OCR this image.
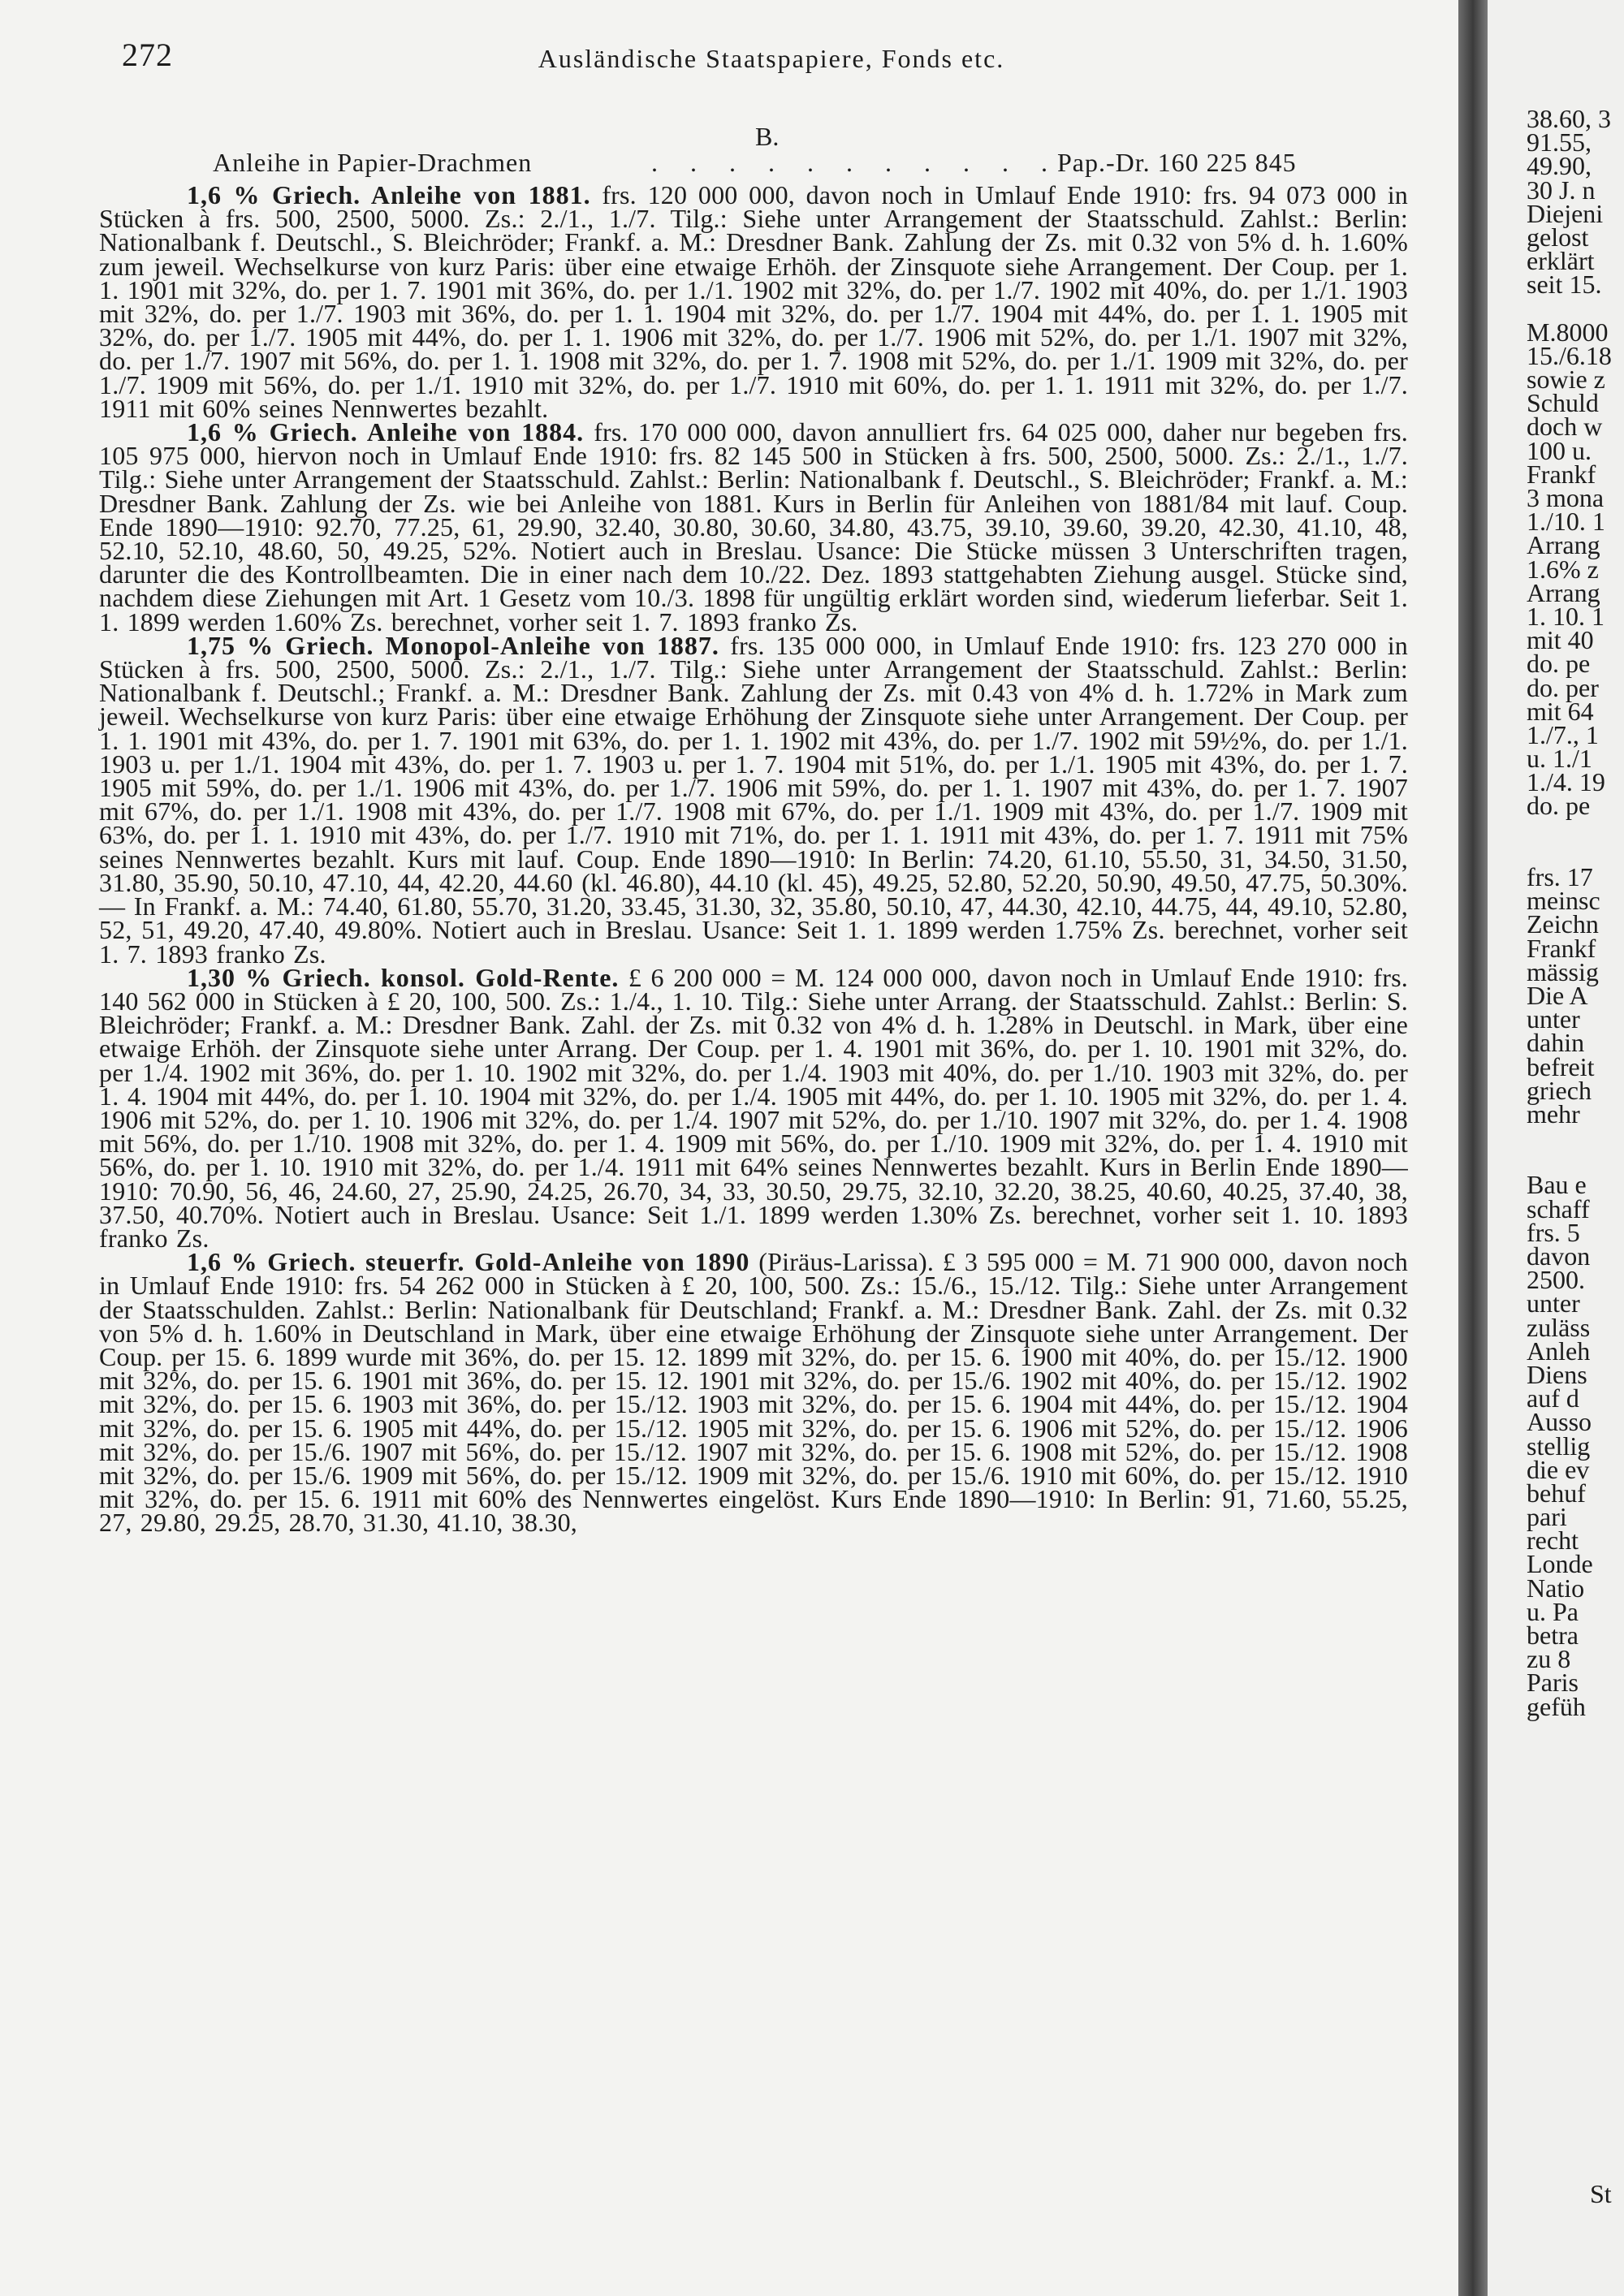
272	Ausländische Staatspapiere, Fonds etc.
B.
Anleihe in Papier-Drachmen	. . . . . . . . . . .
Pap.-Dr. 160 225 845

1,6 % Griech. Anleihe von 1881. frs. 120 000 000, davon noch in Umlauf Ende 1910: frs. 94 073 000 in Stücken à frs. 500, 2500, 5000. Zs.: 2./1., 1./7. Tilg.: Siehe unter Arrangement der Staatsschuld. Zahlst.: Berlin: Nationalbank f. Deutschl., S. Bleichröder; Frankf. a. M.: Dresdner Bank. Zahlung der Zs. mit 0.32 von 5% d. h. 1.60% zum jeweil. Wechselkurse von kurz Paris: über eine etwaige Erhöh. der Zinsquote siehe Arrangement. Der Coup. per 1. 1. 1901 mit 32%, do. per 1. 7. 1901 mit 36%, do. per 1./1. 1902 mit 32%, do. per 1./7. 1902 mit 40%, do. per 1./1. 1903 mit 32%, do. per 1./7. 1903 mit 36%, do. per 1. 1. 1904 mit 32%, do. per 1./7. 1904 mit 44%, do. per 1. 1. 1905 mit 32%, do. per 1./7. 1905 mit 44%, do. per 1. 1. 1906 mit 32%, do. per 1./7. 1906 mit 52%, do. per 1./1. 1907 mit 32%, do. per 1./7. 1907 mit 56%, do. per 1. 1. 1908 mit 32%, do. per 1. 7. 1908 mit 52%, do. per 1./1. 1909 mit 32%, do. per 1./7. 1909 mit 56%, do. per 1./1. 1910 mit 32%, do. per 1./7. 1910 mit 60%, do. per 1. 1. 1911 mit 32%, do. per 1./7. 1911 mit 60% seines Nennwertes bezahlt.

1,6 % Griech. Anleihe von 1884. frs. 170 000 000, davon annulliert frs. 64 025 000, daher nur begeben frs. 105 975 000, hiervon noch in Umlauf Ende 1910: frs. 82 145 500 in Stücken à frs. 500, 2500, 5000. Zs.: 2./1., 1./7. Tilg.: Siehe unter Arrangement der Staatsschuld. Zahlst.: Berlin: Nationalbank f. Deutschl., S. Bleichröder; Frankf. a. M.: Dresdner Bank. Zahlung der Zs. wie bei Anleihe von 1881. Kurs in Berlin für Anleihen von 1881/84 mit lauf. Coup. Ende 1890—1910: 92.70, 77.25, 61, 29.90, 32.40, 30.80, 30.60, 34.80, 43.75, 39.10, 39.60, 39.20, 42.30, 41.10, 48, 52.10, 52.10, 48.60, 50, 49.25, 52%. Notiert auch in Breslau. Usance: Die Stücke müssen 3 Unterschriften tragen, darunter die des Kontrollbeamten. Die in einer nach dem 10./22. Dez. 1893 stattgehabten Ziehung ausgel. Stücke sind, nachdem diese Ziehungen mit Art. 1 Gesetz vom 10./3. 1898 für ungültig erklärt worden sind, wiederum lieferbar. Seit 1. 1. 1899 werden 1.60% Zs. berechnet, vorher seit 1. 7. 1893 franko Zs.

1,75 % Griech. Monopol-Anleihe von 1887. frs. 135 000 000, in Umlauf Ende 1910: frs. 123 270 000 in Stücken à frs. 500, 2500, 5000. Zs.: 2./1., 1./7. Tilg.: Siehe unter Arrangement der Staatsschuld. Zahlst.: Berlin: Nationalbank f. Deutschl.; Frankf. a. M.: Dresdner Bank. Zahlung der Zs. mit 0.43 von 4% d. h. 1.72% in Mark zum jeweil. Wechselkurse von kurz Paris: über eine etwaige Erhöhung der Zinsquote siehe unter Arrangement. Der Coup. per 1. 1. 1901 mit 43%, do. per 1. 7. 1901 mit 63%, do. per 1. 1. 1902 mit 43%, do. per 1./7. 1902 mit 59½%, do. per 1./1. 1903 u. per 1./1. 1904 mit 43%, do. per 1. 7. 1903 u. per 1. 7. 1904 mit 51%, do. per 1./1. 1905 mit 43%, do. per 1. 7. 1905 mit 59%, do. per 1./1. 1906 mit 43%, do. per 1./7. 1906 mit 59%, do. per 1. 1. 1907 mit 43%, do. per 1. 7. 1907 mit 67%, do. per 1./1. 1908 mit 43%, do. per 1./7. 1908 mit 67%, do. per 1./1. 1909 mit 43%, do. per 1./7. 1909 mit 63%, do. per 1. 1. 1910 mit 43%, do. per 1./7. 1910 mit 71%, do. per 1. 1. 1911 mit 43%, do. per 1. 7. 1911 mit 75% seines Nennwertes bezahlt. Kurs mit lauf. Coup. Ende 1890—1910: In Berlin: 74.20, 61.10, 55.50, 31, 34.50, 31.50, 31.80, 35.90, 50.10, 47.10, 44, 42.20, 44.60 (kl. 46.80), 44.10 (kl. 45), 49.25, 52.80, 52.20, 50.90, 49.50, 47.75, 50.30%. — In Frankf. a. M.: 74.40, 61.80, 55.70, 31.20, 33.45, 31.30, 32, 35.80, 50.10, 47, 44.30, 42.10, 44.75, 44, 49.10, 52.80, 52, 51, 49.20, 47.40, 49.80%. Notiert auch in Breslau. Usance: Seit 1. 1. 1899 werden 1.75% Zs. berechnet, vorher seit 1. 7. 1893 franko Zs.

1,30 % Griech. konsol. Gold-Rente. £ 6 200 000 = M. 124 000 000, davon noch in Umlauf Ende 1910: frs. 140 562 000 in Stücken à £ 20, 100, 500. Zs.: 1./4., 1. 10. Tilg.: Siehe unter Arrang. der Staatsschuld. Zahlst.: Berlin: S. Bleichröder; Frankf. a. M.: Dresdner Bank. Zahl. der Zs. mit 0.32 von 4% d. h. 1.28% in Deutschl. in Mark, über eine etwaige Erhöh. der Zinsquote siehe unter Arrang. Der Coup. per 1. 4. 1901 mit 36%, do. per 1. 10. 1901 mit 32%, do. per 1./4. 1902 mit 36%, do. per 1. 10. 1902 mit 32%, do. per 1./4. 1903 mit 40%, do. per 1./10. 1903 mit 32%, do. per 1. 4. 1904 mit 44%, do. per 1. 10. 1904 mit 32%, do. per 1./4. 1905 mit 44%, do. per 1. 10. 1905 mit 32%, do. per 1. 4. 1906 mit 52%, do. per 1. 10. 1906 mit 32%, do. per 1./4. 1907 mit 52%, do. per 1./10. 1907 mit 32%, do. per 1. 4. 1908 mit 56%, do. per 1./10. 1908 mit 32%, do. per 1. 4. 1909 mit 56%, do. per 1./10. 1909 mit 32%, do. per 1. 4. 1910 mit 56%, do. per 1. 10. 1910 mit 32%, do. per 1./4. 1911 mit 64% seines Nennwertes bezahlt. Kurs in Berlin Ende 1890—1910: 70.90, 56, 46, 24.60, 27, 25.90, 24.25, 26.70, 34, 33, 30.50, 29.75, 32.10, 32.20, 38.25, 40.60, 40.25, 37.40, 38, 37.50, 40.70%. Notiert auch in Breslau. Usance: Seit 1./1. 1899 werden 1.30% Zs. berechnet, vorher seit 1. 10. 1893 franko Zs.

1,6 % Griech. steuerfr. Gold-Anleihe von 1890 (Piräus-Larissa). £ 3 595 000 = M. 71 900 000, davon noch in Umlauf Ende 1910: frs. 54 262 000 in Stücken à £ 20, 100, 500. Zs.: 15./6., 15./12. Tilg.: Siehe unter Arrangement der Staatsschulden. Zahlst.: Berlin: Nationalbank für Deutschland; Frankf. a. M.: Dresdner Bank. Zahl. der Zs. mit 0.32 von 5% d. h. 1.60% in Deutschland in Mark, über eine etwaige Erhöhung der Zinsquote siehe unter Arrangement. Der Coup. per 15. 6. 1899 wurde mit 36%, do. per 15. 12. 1899 mit 32%, do. per 15. 6. 1900 mit 40%, do. per 15./12. 1900 mit 32%, do. per 15. 6. 1901 mit 36%, do. per 15. 12. 1901 mit 32%, do. per 15./6. 1902 mit 40%, do. per 15./12. 1902 mit 32%, do. per 15. 6. 1903 mit 36%, do. per 15./12. 1903 mit 32%, do. per 15. 6. 1904 mit 44%, do. per 15./12. 1904 mit 32%, do. per 15. 6. 1905 mit 44%, do. per 15./12. 1905 mit 32%, do. per 15. 6. 1906 mit 52%, do. per 15./12. 1906 mit 32%, do. per 15./6. 1907 mit 56%, do. per 15./12. 1907 mit 32%, do. per 15. 6. 1908 mit 52%, do. per 15./12. 1908 mit 32%, do. per 15./6. 1909 mit 56%, do. per 15./12. 1909 mit 32%, do. per 15./6. 1910 mit 60%, do. per 15./12. 1910 mit 32%, do. per 15. 6. 1911 mit 60% des Nennwertes eingelöst. Kurs Ende 1890—1910: In Berlin: 91, 71.60, 55.25, 27, 29.80, 29.25, 28.70, 31.30, 41.10, 38.30,

38.60, 3
91.55,
49.90,
30 J. n
Diejeni
gelost
erklärt
seit 15.
M.8000
15./6.18
sowie z
Schuld
doch w
100 u.
Frankf
3 mona
1./10. 1
Arrang
1.6% z
Arrang
1. 10. 1
mit 40
do. pe
do. per
mit 64
1./7., 1
u. 1./1
1./4. 19
do. pe
frs. 17
meinsc
Zeichn
Frankf
mässig
Die A
unter
dahin
befreit
griech
mehr
Bau e
schaff
frs. 5
davon
2500.
unter
zuläss
Anleh
Diens
auf d
Ausso
stellig
die ev
behuf
pari
recht
Londe
Natio
u. Pa
betra
zu 8
Paris
gefüh
St
